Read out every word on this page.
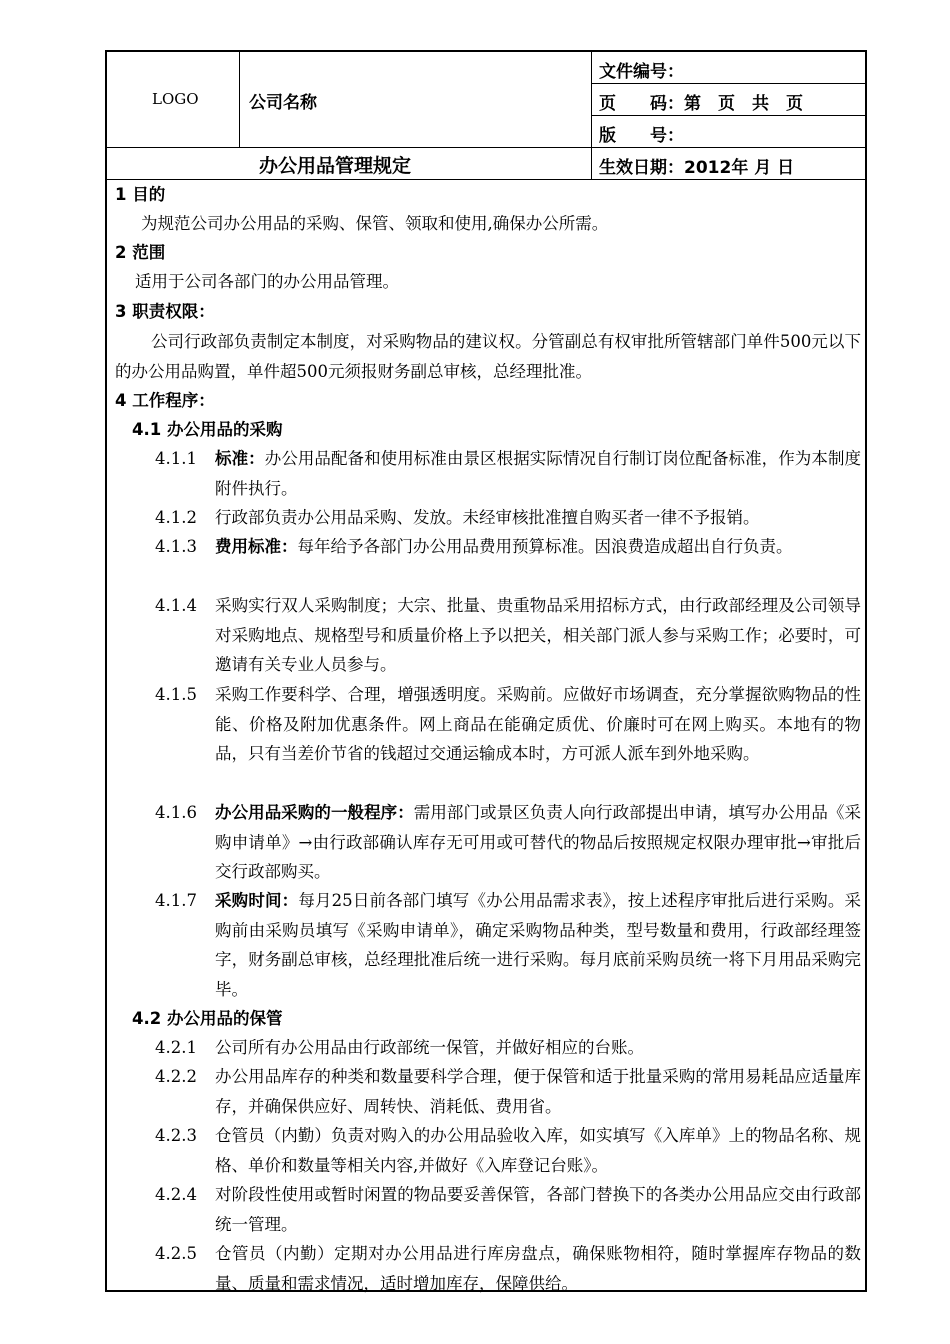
LOGO	公司名称
文件编号：
页　　码：第　页　共　页
版　　号：
办公用品管理规定	生效日期：2012年 月 日
1 目的
为规范公司办公用品的采购、保管、领取和使用,确保办公所需。
2 范围
适用于公司各部门的办公用品管理。
3 职责权限：
公司行政部负责制定本制度，对采购物品的建议权。分管副总有权审批所管辖部门单件500元以下的办公用品购置，单件超500元须报财务副总审核，总经理批准。
4 工作程序：
4.1 办公用品的采购
4.1.1 标准：办公用品配备和使用标准由景区根据实际情况自行制订岗位配备标准，作为本制度附件执行。
4.1.2 行政部负责办公用品采购、发放。未经审核批准擅自购买者一律不予报销。
4.1.3 费用标准：每年给予各部门办公用品费用预算标准。因浪费造成超出自行负责。
4.1.4 采购实行双人采购制度；大宗、批量、贵重物品采用招标方式，由行政部经理及公司领导对采购地点、规格型号和质量价格上予以把关，相关部门派人参与采购工作；必要时，可邀请有关专业人员参与。
4.1.5 采购工作要科学、合理，增强透明度。采购前。应做好市场调查，充分掌握欲购物品的性能、价格及附加优惠条件。网上商品在能确定质优、价廉时可在网上购买。本地有的物品，只有当差价节省的钱超过交通运输成本时，方可派人派车到外地采购。
4.1.6 办公用品采购的一般程序：需用部门或景区负责人向行政部提出申请，填写办公用品《采购申请单》→由行政部确认库存无可用或可替代的物品后按照规定权限办理审批→审批后交行政部购买。
4.1.7 采购时间：每月25日前各部门填写《办公用品需求表》，按上述程序审批后进行采购。采购前由采购员填写《采购申请单》，确定采购物品种类，型号数量和费用，行政部经理签字，财务副总审核，总经理批准后统一进行采购。每月底前采购员统一将下月用品采购完毕。
4.2 办公用品的保管
4.2.1 公司所有办公用品由行政部统一保管，并做好相应的台账。
4.2.2 办公用品库存的种类和数量要科学合理，便于保管和适于批量采购的常用易耗品应适量库存，并确保供应好、周转快、消耗低、费用省。
4.2.3 仓管员（内勤）负责对购入的办公用品验收入库，如实填写《入库单》上的物品名称、规格、单价和数量等相关内容,并做好《入库登记台账》。
4.2.4 对阶段性使用或暂时闲置的物品要妥善保管，各部门替换下的各类办公用品应交由行政部统一管理。
4.2.5 仓管员（内勤）定期对办公用品进行库房盘点，确保账物相符，随时掌握库存物品的数量、质量和需求情况，适时增加库存，保障供给。
